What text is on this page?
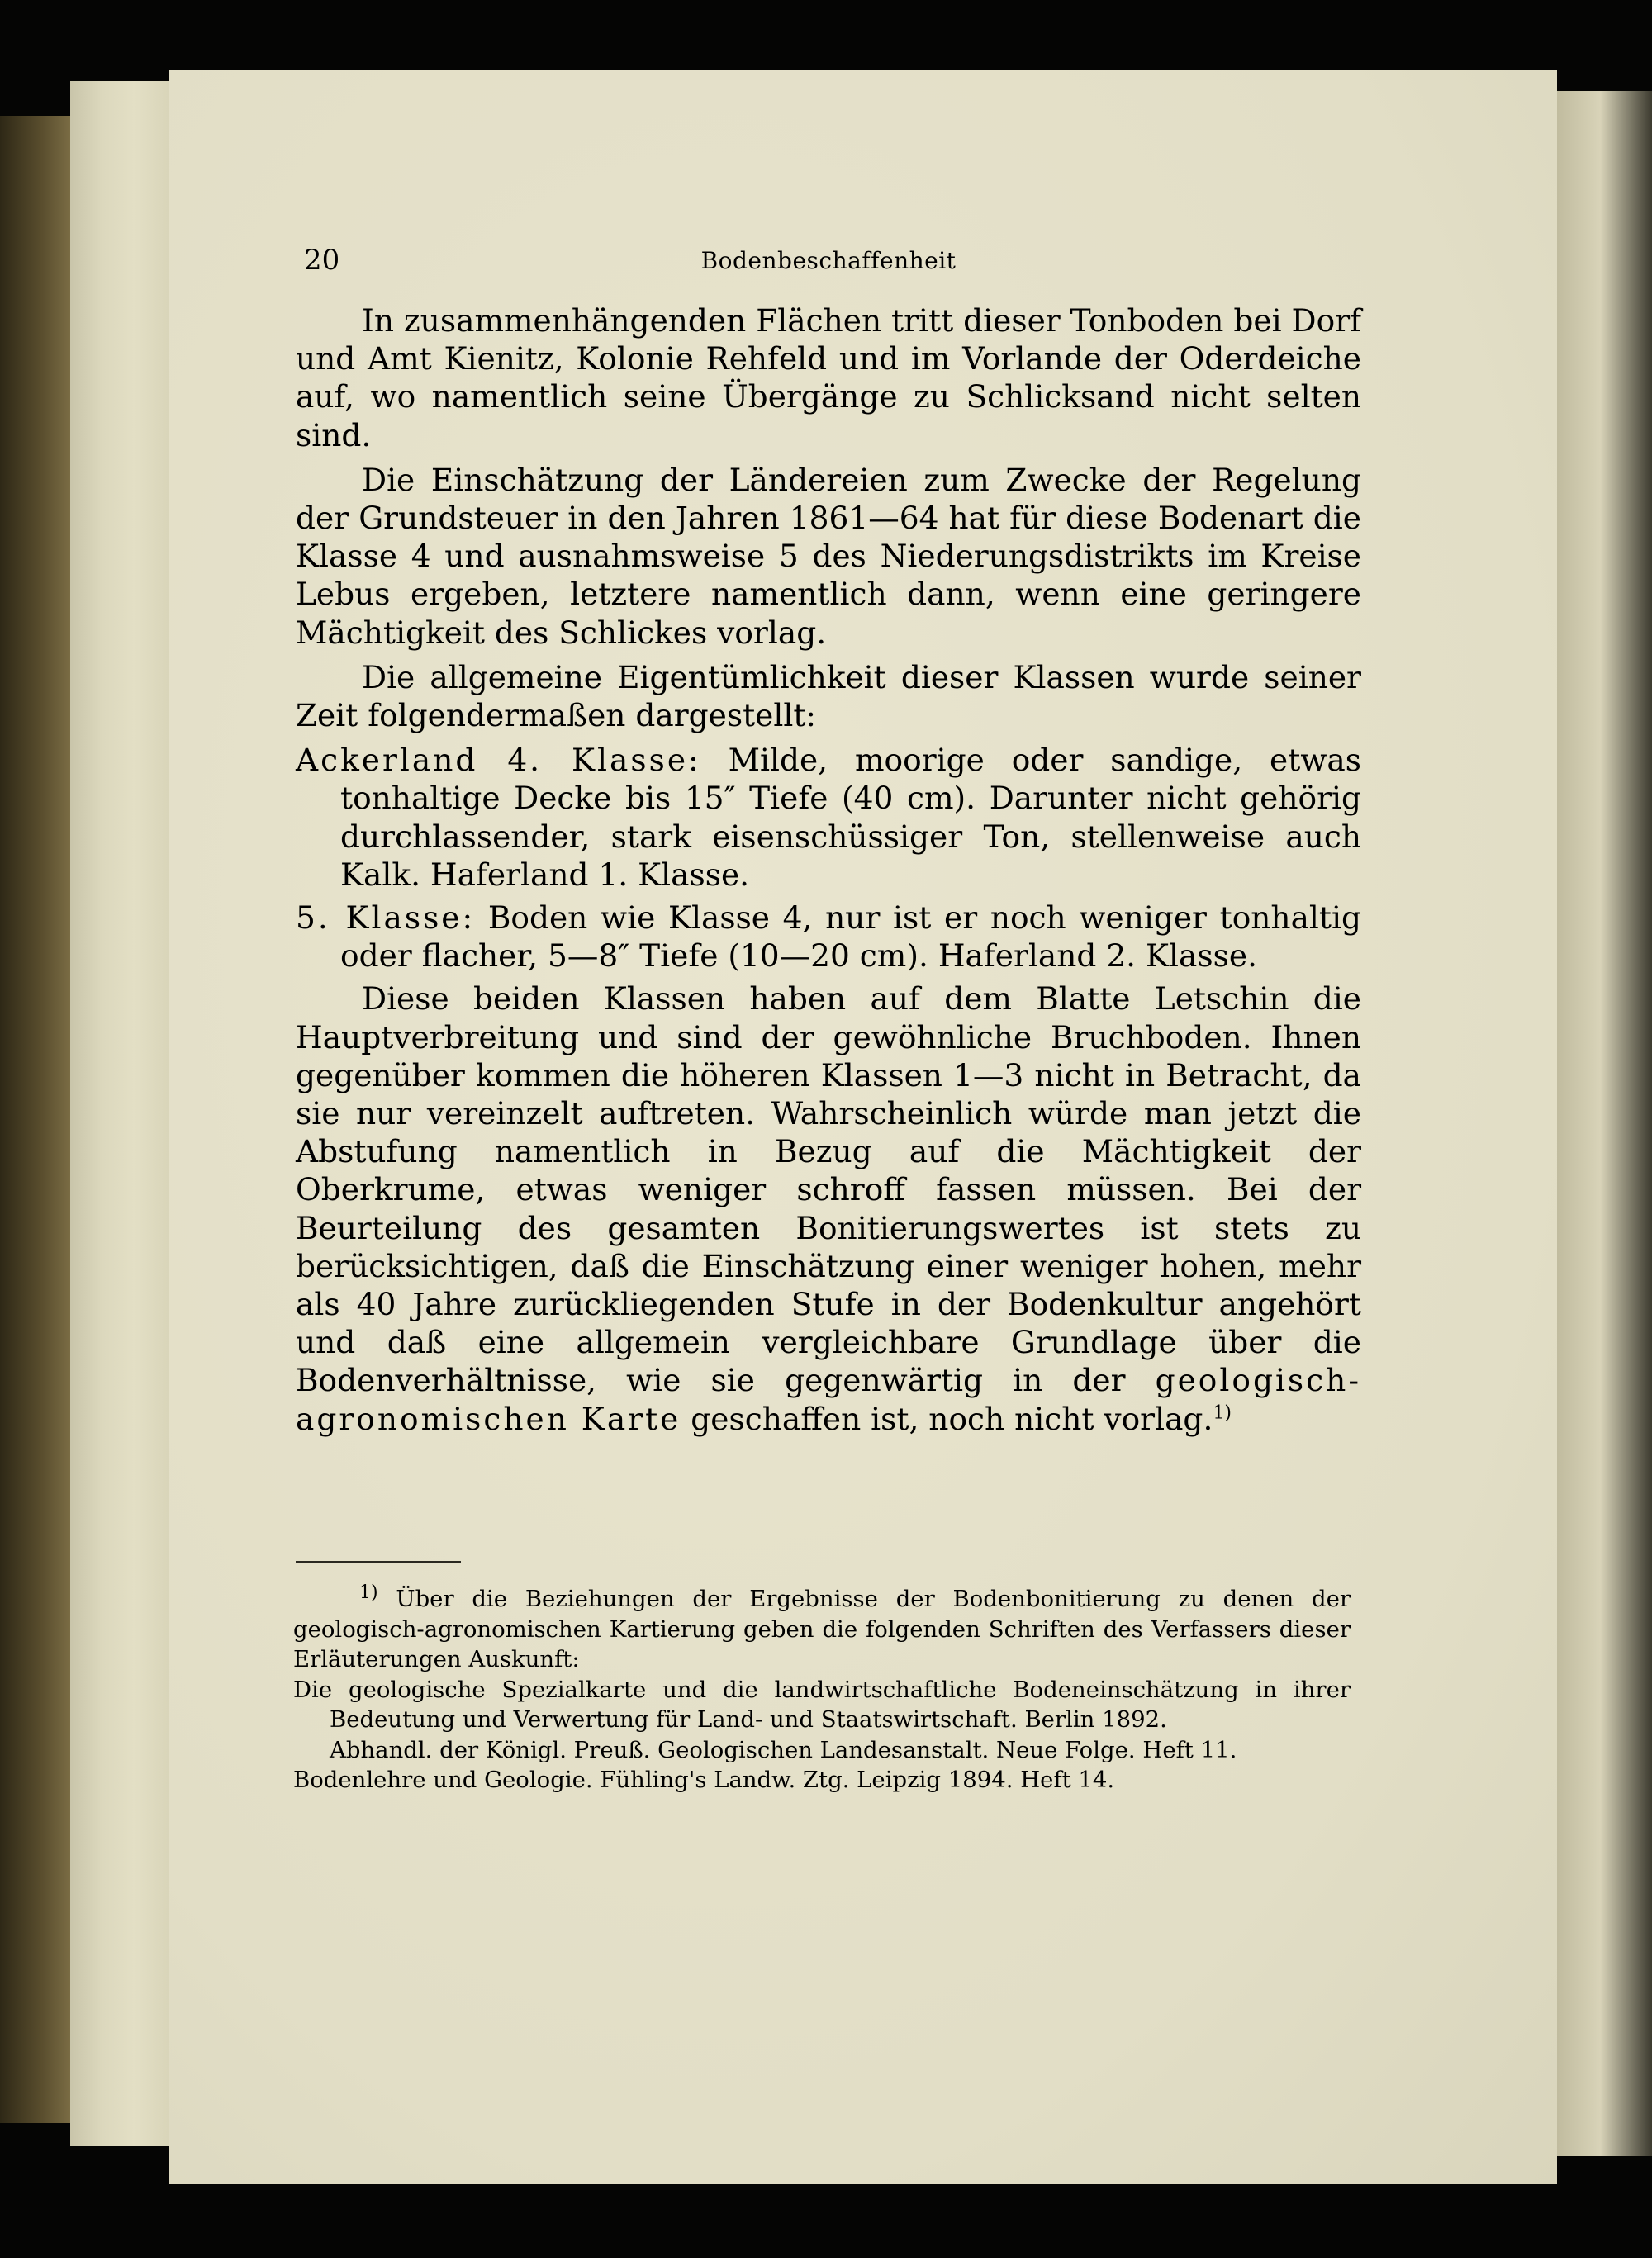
20	Bodenbeschaffenheit

In zusammenhängenden Flächen tritt dieser Tonboden bei Dorf und Amt Kienitz, Kolonie Rehfeld und im Vorlande der Oderdeiche auf, wo namentlich seine Übergänge zu Schlicksand nicht selten sind.

Die Einschätzung der Ländereien zum Zwecke der Regelung der Grundsteuer in den Jahren 1861—64 hat für diese Bodenart die Klasse 4 und ausnahmsweise 5 des Niederungsdistrikts im Kreise Lebus ergeben, letztere namentlich dann, wenn eine geringere Mächtigkeit des Schlickes vorlag.

Die allgemeine Eigentümlichkeit dieser Klassen wurde seiner Zeit folgendermaßen dargestellt:

Ackerland 4. Klasse: Milde, moorige oder sandige, etwas tonhaltige Decke bis 15″ Tiefe (40 cm). Darunter nicht gehörig durchlassender, stark eisenschüssiger Ton, stellenweise auch Kalk. Haferland 1. Klasse.

5. Klasse: Boden wie Klasse 4, nur ist er noch weniger tonhaltig oder flacher, 5—8″ Tiefe (10—20 cm). Haferland 2. Klasse.

Diese beiden Klassen haben auf dem Blatte Letschin die Hauptverbreitung und sind der gewöhnliche Bruchboden. Ihnen gegenüber kommen die höheren Klassen 1—3 nicht in Betracht, da sie nur vereinzelt auftreten. Wahrscheinlich würde man jetzt die Abstufung namentlich in Bezug auf die Mächtigkeit der Oberkrume, etwas weniger schroff fassen müssen. Bei der Beurteilung des gesamten Bonitierungswertes ist stets zu berücksichtigen, daß die Einschätzung einer weniger hohen, mehr als 40 Jahre zurückliegenden Stufe in der Bodenkultur angehört und daß eine allgemein vergleichbare Grundlage über die Bodenverhältnisse, wie sie gegenwärtig in der geologisch-agronomischen Karte geschaffen ist, noch nicht vorlag.$^{1)}$

$^{1)}$ Über die Beziehungen der Ergebnisse der Bodenbonitierung zu denen der geologisch-agronomischen Kartierung geben die folgenden Schriften des Verfassers dieser Erläuterungen Auskunft:

Die geologische Spezialkarte und die landwirtschaftliche Bodeneinschätzung in ihrer Bedeutung und Verwertung für Land- und Staatswirtschaft. Berlin 1892.

Abhandl. der Königl. Preuß. Geologischen Landesanstalt. Neue Folge. Heft 11.

Bodenlehre und Geologie. Fühling's Landw. Ztg. Leipzig 1894. Heft 14.
